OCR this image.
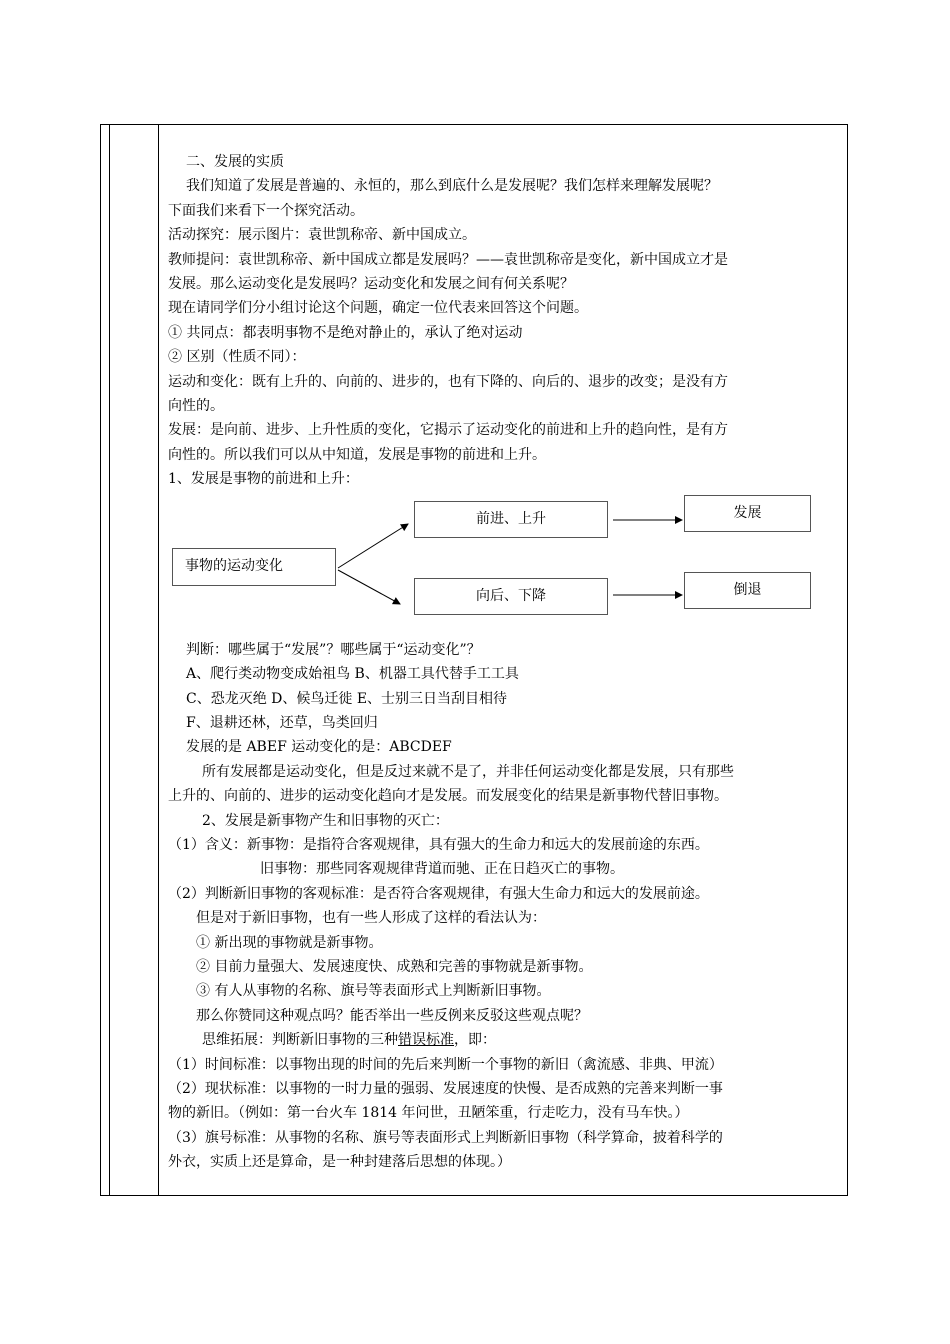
二、发展的实质

我们知道了发展是普遍的、永恒的，那么到底什么是发展呢？我们怎样来理解发展呢？

下面我们来看下一个探究活动。

活动探究：展示图片：袁世凯称帝、新中国成立。

教师提问：袁世凯称帝、新中国成立都是发展吗？——袁世凯称帝是变化，新中国成立才是

发展。那么运动变化是发展吗？运动变化和发展之间有何关系呢？

现在请同学们分小组讨论这个问题，确定一位代表来回答这个问题。

① 共同点：都表明事物不是绝对静止的，承认了绝对运动

② 区别（性质不同）：

运动和变化：既有上升的、向前的、进步的，也有下降的、向后的、退步的改变；是没有方

向性的。

发展：是向前、进步、上升性质的变化，它揭示了运动变化的前进和上升的趋向性，是有方

向性的。所以我们可以从中知道，发展是事物的前进和上升。

1、发展是事物的前进和上升：

事物的运动变化
前进、上升
向后、下降
发展
倒退

判断：哪些属于“发展”？哪些属于“运动变化”？

A、爬行类动物变成始祖鸟 B、机器工具代替手工工具

C、恐龙灭绝 D、候鸟迁徙 E、士别三日当刮目相待

F、退耕还林，还草，鸟类回归

发展的是 ABEF 运动变化的是：ABCDEF

所有发展都是运动变化，但是反过来就不是了，并非任何运动变化都是发展，只有那些

上升的、向前的、进步的运动变化趋向才是发展。而发展变化的结果是新事物代替旧事物。

2、发展是新事物产生和旧事物的灭亡：

（1）含义：新事物：是指符合客观规律，具有强大的生命力和远大的发展前途的东西。

旧事物：那些同客观规律背道而驰、正在日趋灭亡的事物。

（2）判断新旧事物的客观标准：是否符合客观规律，有强大生命力和远大的发展前途。

但是对于新旧事物，也有一些人形成了这样的看法认为：

① 新出现的事物就是新事物。

② 目前力量强大、发展速度快、成熟和完善的事物就是新事物。

③ 有人从事物的名称、旗号等表面形式上判断新旧事物。

那么你赞同这种观点吗？能否举出一些反例来反驳这些观点呢？

思维拓展：判断新旧事物的三种错误标准，即：

（1）时间标准：以事物出现的时间的先后来判断一个事物的新旧（禽流感、非典、甲流）

（2）现状标准：以事物的一时力量的强弱、发展速度的快慢、是否成熟的完善来判断一事

物的新旧。（例如：第一台火车 1814 年问世，丑陋笨重，行走吃力，没有马车快。）

（3）旗号标准：从事物的名称、旗号等表面形式上判断新旧事物（科学算命，披着科学的

外衣，实质上还是算命，是一种封建落后思想的体现。）
